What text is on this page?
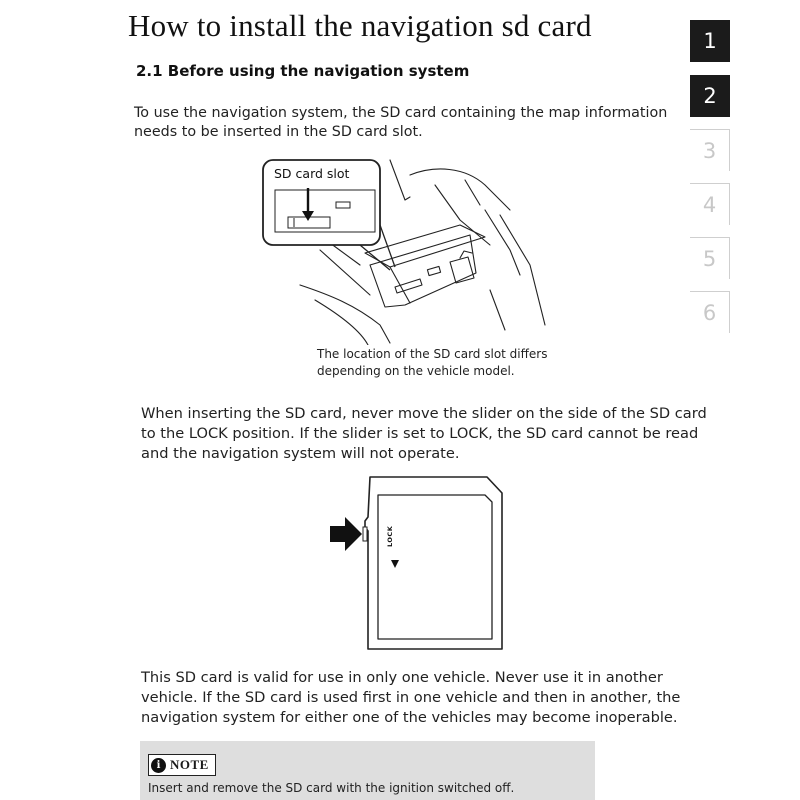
How to install the navigation sd card
2.1 Before using the navigation system
To use the navigation system, the SD card containing the map information needs to be inserted in the SD card slot.
1
2
3
4
5
6
SD card slot
The location of the SD card slot differs depending on the vehicle model.
When inserting the SD card, never move the slider on the side of the SD card to the LOCK position. If the slider is set to LOCK, the SD card cannot be read and the navigation system will not operate.
LOCK
This SD card is valid for use in only one vehicle. Never use it in another vehicle. If the SD card is used first in one vehicle and then in another, the navigation system for either one of the vehicles may become inoperable.
i NOTE
Insert and remove the SD card with the ignition switched off.
